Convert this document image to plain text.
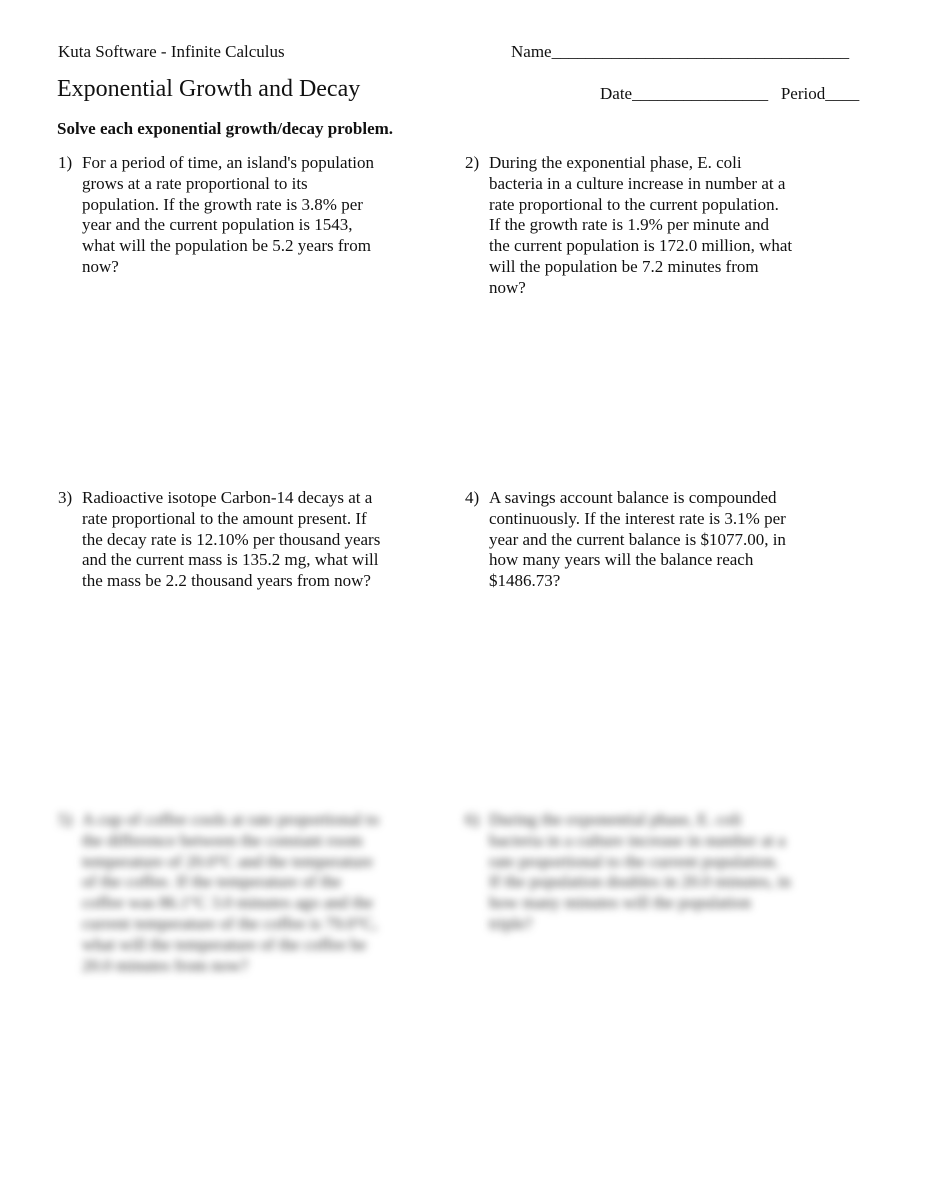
Kuta Software - Infinite Calculus	Name___________________________________
Exponential Growth and Decay	Date________________ Period____
Solve each exponential growth/decay problem.
1) For a period of time, an island's population
grows at a rate proportional to its
population. If the growth rate is 3.8% per
year and the current population is 1543,
what will the population be 5.2 years from
now?
2) During the exponential phase, E. coli
bacteria in a culture increase in number at a
rate proportional to the current population.
If the growth rate is 1.9% per minute and
the current population is 172.0 million, what
will the population be 7.2 minutes from
now?
3) Radioactive isotope Carbon-14 decays at a
rate proportional to the amount present. If
the decay rate is 12.10% per thousand years
and the current mass is 135.2 mg, what will
the mass be 2.2 thousand years from now?
4) A savings account balance is compounded
continuously. If the interest rate is 3.1% per
year and the current balance is $1077.00, in
how many years will the balance reach
$1486.73?
5) A cup of coffee cools at rate proportional to
the difference between the constant room
temperature of 20.0°C and the temperature
of the coffee. If the temperature of the
coffee was 86.1°C 3.0 minutes ago and the
current temperature of the coffee is 79.0°C,
what will the temperature of the coffee be
20.0 minutes from now?
6) During the exponential phase, E. coli
bacteria in a culture increase in number at a
rate proportional to the current population.
If the population doubles in 20.0 minutes, in
how many minutes will the population
triple?
